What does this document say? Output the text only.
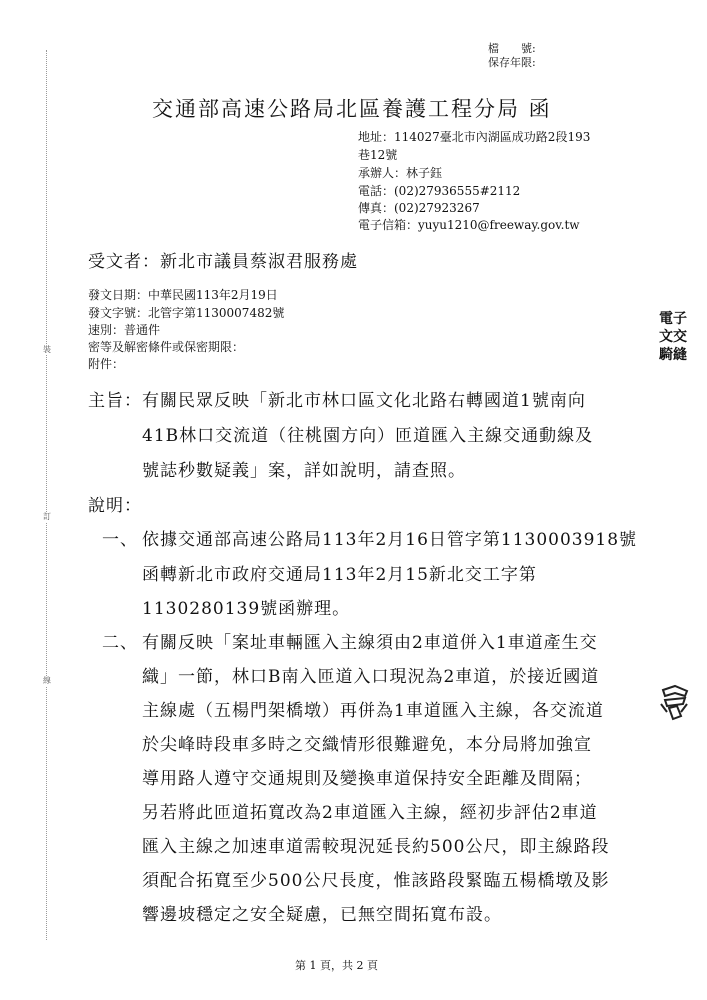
裝
訂
線
檔　　號:
保存年限:
交通部高速公路局北區養護工程分局 函
地址：114027臺北市內湖區成功路2段193
巷12號
承辦人：林子鈺
電話：(02)27936555#2112
傳真：(02)27923267
電子信箱：yuyu1210@freeway.gov.tw
受文者：新北市議員蔡淑君服務處
發文日期：中華民國113年2月19日
發文字號：北管字第1130007482號
速別：普通件
密等及解密條件或保密期限：
附件：
電 子
文 交
騎 縫
主旨： 有關民眾反映「新北市林口區文化北路右轉國道1號南向
41B林口交流道（往桃園方向）匝道匯入主線交通動線及
號誌秒數疑義」案，詳如說明，請查照。
說明：
一、 依據交通部高速公路局113年2月16日管字第1130003918號
函轉新北市政府交通局113年2月15新北交工字第
1130280139號函辦理。
二、 有關反映「案址車輛匯入主線須由2車道併入1車道產生交
織」一節，林口B南入匝道入口現況為2車道，於接近國道
主線處（五楊門架橋墩）再併為1車道匯入主線，各交流道
於尖峰時段車多時之交織情形很難避免，本分局將加強宣
導用路人遵守交通規則及變換車道保持安全距離及間隔；
另若將此匝道拓寬改為2車道匯入主線，經初步評估2車道
匯入主線之加速車道需較現況延長約500公尺，即主線路段
須配合拓寬至少500公尺長度，惟該路段緊臨五楊橋墩及影
響邊坡穩定之安全疑慮，已無空間拓寬布設。
第 1 頁，共 2 頁
